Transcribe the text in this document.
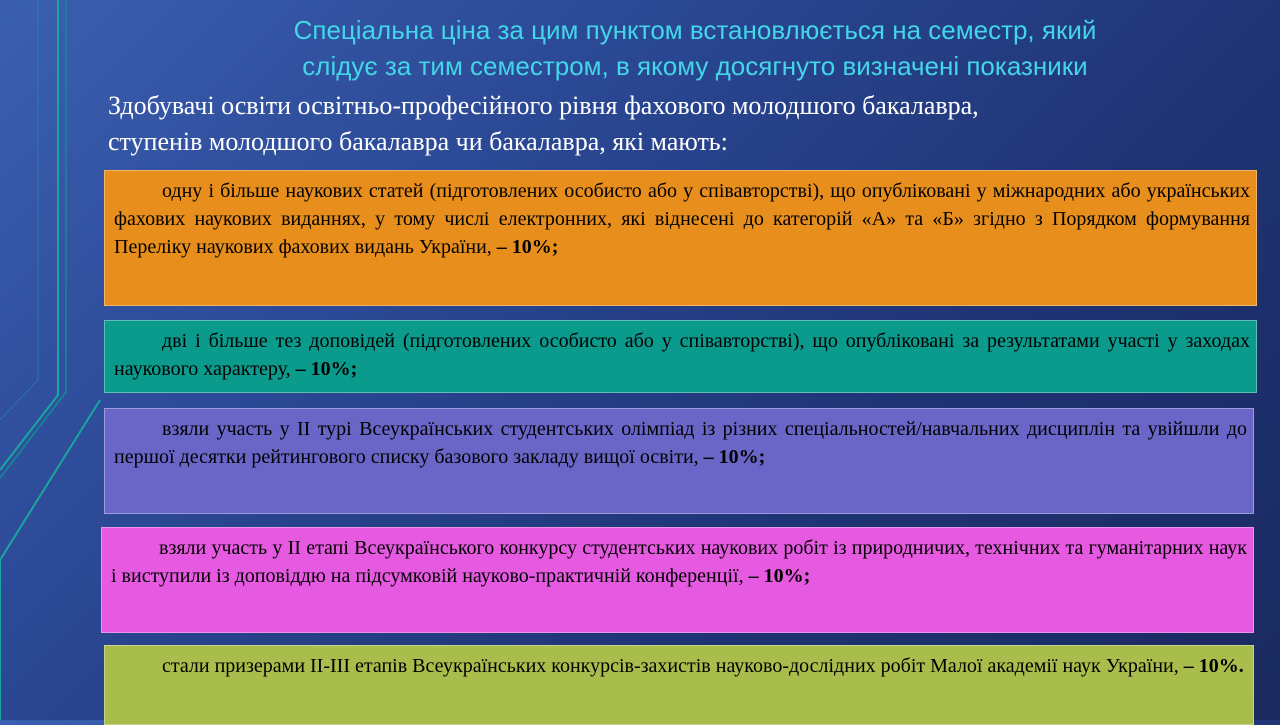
Спеціальна ціна за цим пунктом встановлюється на семестр, який
слідує за тим семестром, в якому досягнуто визначені показники
Здобувачі освіти освітньо-професійного рівня фахового молодшого бакалавра,
ступенів молодшого бакалавра чи бакалавра, які мають:
одну і більше наукових статей (підготовлених особисто або у співавторстві), що опубліковані у міжнародних або українських фахових наукових виданнях, у тому числі електронних, які віднесені до категорій «А» та «Б» згідно з Порядком формування Переліку наукових фахових видань України, – 10%;
дві і більше тез доповідей (підготовлених особисто або у співавторстві), що опубліковані за результатами участі у заходах наукового характеру, – 10%;
взяли участь у ІІ турі Всеукраїнських студентських олімпіад із різних спеціальностей/навчальних дисциплін та увійшли до першої десятки рейтингового списку базового закладу вищої освіти, – 10%;
взяли участь у ІІ етапі Всеукраїнського конкурсу студентських наукових робіт із природничих, технічних та гуманітарних наук і виступили із доповіддю на підсумковій науково-практичній конференції, – 10%;
стали призерами ІІ-ІІІ етапів Всеукраїнських конкурсів-захистів науково-дослідних робіт Малої академії наук України, – 10%.
